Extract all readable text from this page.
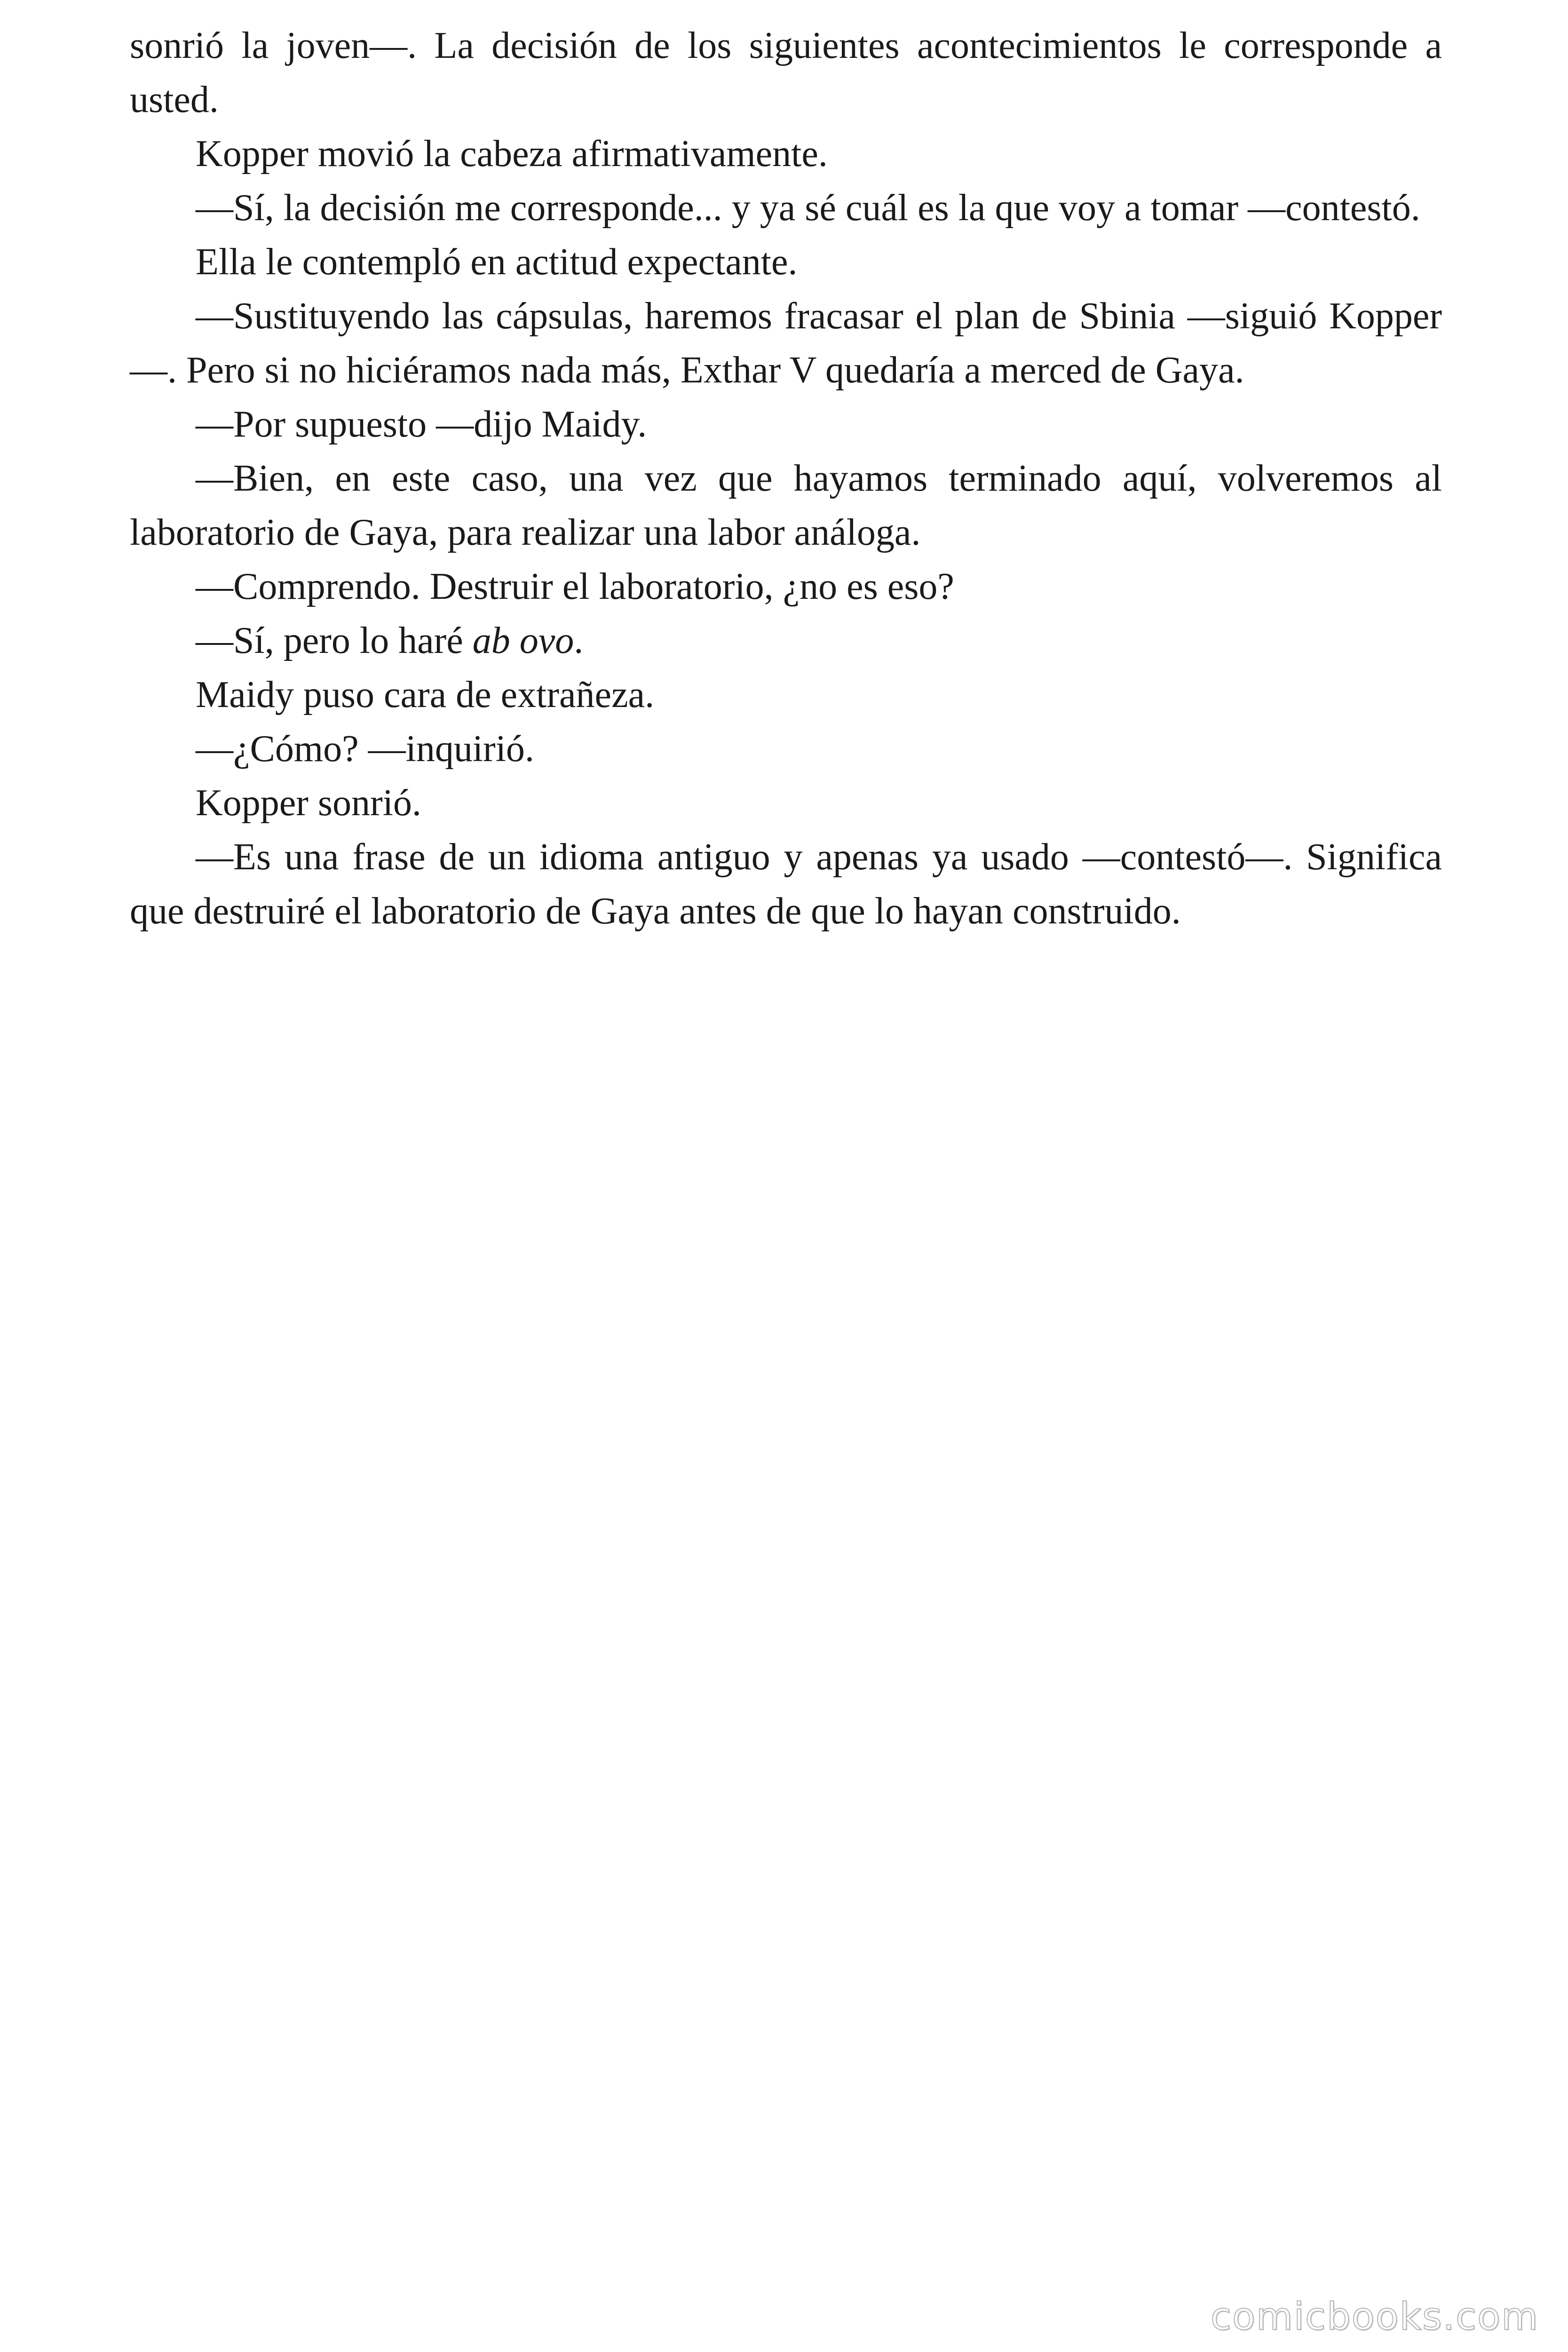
sonrió la joven—. La decisión de los siguientes acontecimientos le corresponde a usted.

Kopper movió la cabeza afirmativamente.

—Sí, la decisión me corresponde... y ya sé cuál es la que voy a tomar —contestó.

Ella le contempló en actitud expectante.

—Sustituyendo las cápsulas, haremos fracasar el plan de Sbinia —siguió Kopper—. Pero si no hiciéramos nada más, Exthar V quedaría a merced de Gaya.

—Por supuesto —dijo Maidy.

—Bien, en este caso, una vez que hayamos terminado aquí, volveremos al laboratorio de Gaya, para realizar una labor análoga.

—Comprendo. Destruir el laboratorio, ¿no es eso?

—Sí, pero lo haré ab ovo.

Maidy puso cara de extrañeza.

—¿Cómo? —inquirió.

Kopper sonrió.

—Es una frase de un idioma antiguo y apenas ya usado —contestó—. Significa que destruiré el laboratorio de Gaya antes de que lo hayan construido.

comicbooks.com
